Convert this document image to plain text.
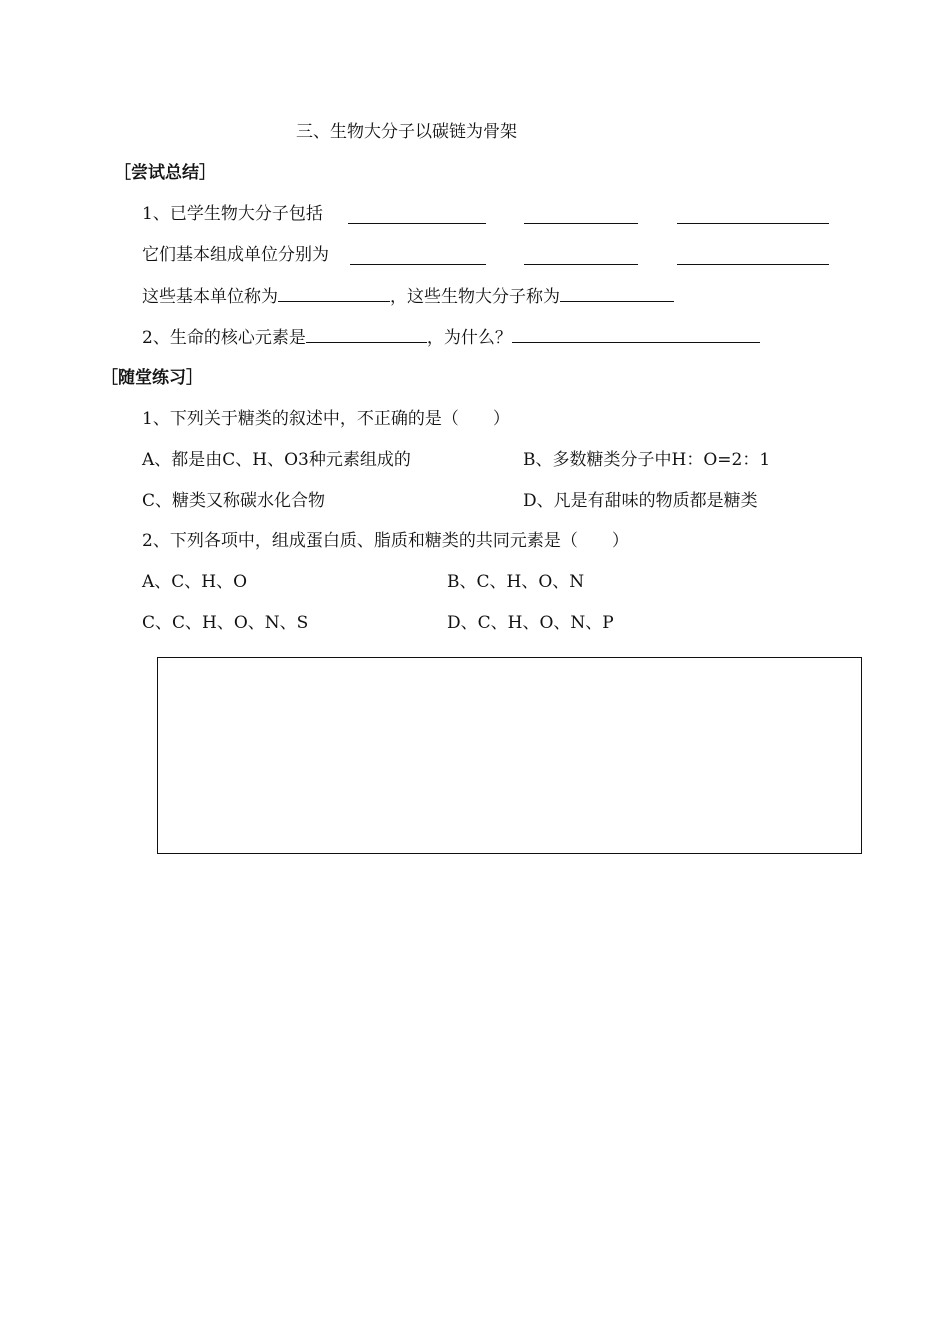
三、生物大分子以碳链为骨架
［尝试总结］
1、已学生物大分子包括
它们基本组成单位分别为
这些基本单位称为	，这些生物大分子称为
2、生命的核心元素是	，为什么？
［随堂练习］
1、下列关于糖类的叙述中，不正确的是（　　）
A、都是由C、H、O3种元素组成的	B、多数糖类分子中H：O=2：1
C、糖类又称碳水化合物	D、凡是有甜味的物质都是糖类
2、下列各项中，组成蛋白质、脂质和糖类的共同元素是（　　）
A、C、H、O	B、C、H、O、N
C、C、H、O、N、S	D、C、H、O、N、P
